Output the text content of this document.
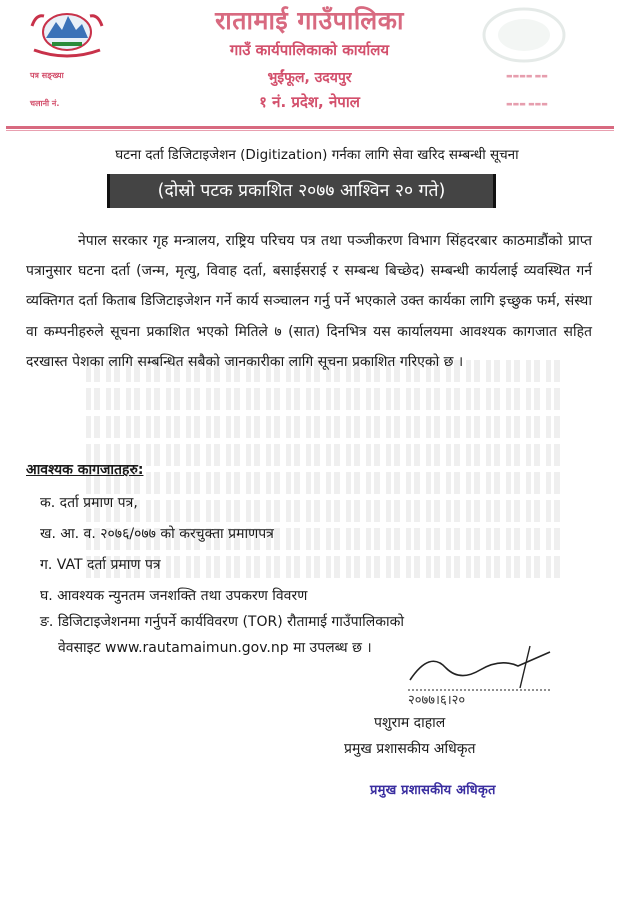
रातामाई गाउँपालिका
गाउँ कार्यपालिकाको कार्यालय
भुईंफूल, उदयपुर
१ नं. प्रदेश, नेपाल
पत्र सङ्ख्या
चलानी नं.
▬▬▬▬ ▬▬
▬▬▬ ▬▬▬
घटना दर्ता डिजिटाइजेशन (Digitization) गर्नका लागि सेवा खरिद सम्बन्धी सूचना
(दोस्रो पटक प्रकाशित २०७७ आश्विन २० गते)
नेपाल सरकार गृह मन्त्रालय, राष्ट्रिय परिचय पत्र तथा पञ्जीकरण विभाग सिंहदरबार काठमाडौंको प्राप्त पत्रानुसार घटना दर्ता (जन्म, मृत्यु, विवाह दर्ता, बसाईसराई र सम्बन्ध बिच्छेद) सम्बन्धी कार्यलाई व्यवस्थित गर्न व्यक्तिगत दर्ता किताब डिजिटाइजेशन गर्ने कार्य सञ्चालन गर्नु पर्ने भएकाले उक्त कार्यका लागि इच्छुक फर्म, संस्था वा कम्पनीहरुले सूचना प्रकाशित भएको मितिले ७ (सात) दिनभित्र यस कार्यालयमा आवश्यक कागजात सहित दरखास्त पेशका लागि सम्बन्धित सबैको जानकारीका लागि सूचना प्रकाशित गरिएको छ ।
आवश्यक कागजातहरु:
क. दर्ता प्रमाण पत्र,
ख. आ. व. २०७६/०७७ को करचुक्ता प्रमाणपत्र
ग. VAT दर्ता प्रमाण पत्र
घ. आवश्यक न्युनतम जनशक्ति तथा उपकरण विवरण
ङ. डिजिटाइजेशनमा गर्नुपर्ने कार्यविवरण (TOR) रौतामाई गाउँपालिकाको
वेवसाइट www.rautamaimun.gov.np मा उपलब्ध छ ।
२०७७।६।२०
पशुराम दाहाल
प्रमुख प्रशासकीय अधिकृत
प्रमुख प्रशासकीय अधिकृत
